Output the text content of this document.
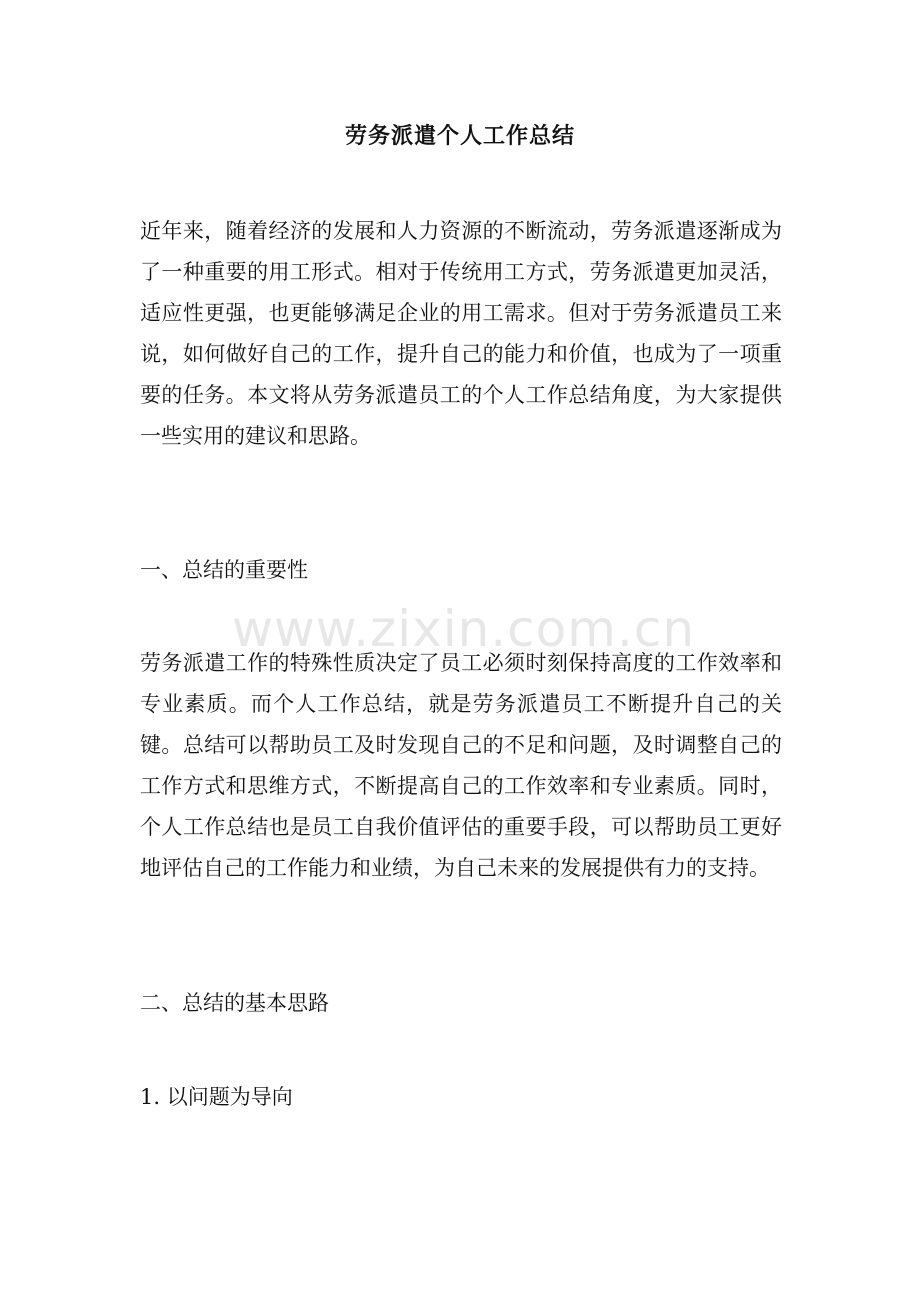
劳务派遣个人工作总结

近年来，随着经济的发展和人力资源的不断流动，劳务派遣逐渐成为了一种重要的用工形式。相对于传统用工方式，劳务派遣更加灵活，适应性更强，也更能够满足企业的用工需求。但对于劳务派遣员工来说，如何做好自己的工作，提升自己的能力和价值，也成为了一项重要的任务。本文将从劳务派遣员工的个人工作总结角度，为大家提供一些实用的建议和思路。

一、总结的重要性

劳务派遣工作的特殊性质决定了员工必须时刻保持高度的工作效率和专业素质。而个人工作总结，就是劳务派遣员工不断提升自己的关键。总结可以帮助员工及时发现自己的不足和问题，及时调整自己的工作方式和思维方式，不断提高自己的工作效率和专业素质。同时，个人工作总结也是员工自我价值评估的重要手段，可以帮助员工更好地评估自己的工作能力和业绩，为自己未来的发展提供有力的支持。

二、总结的基本思路

1. 以问题为导向

www.zixin.com.cn
